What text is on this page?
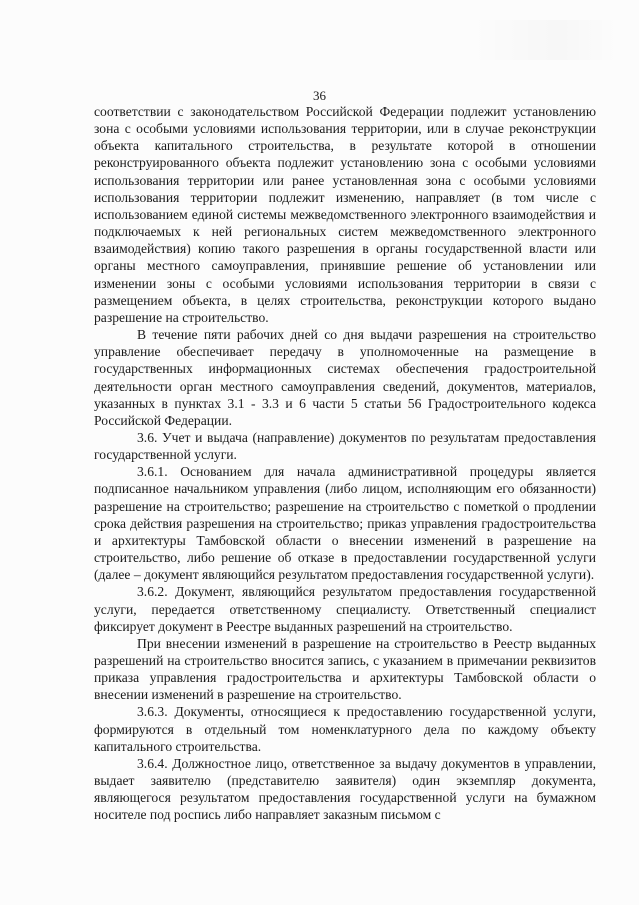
36

соответствии с законодательством Российской Федерации подлежит установлению зона с особыми условиями использования территории, или в случае реконструкции объекта капитального строительства, в результате которой в отношении реконструированного объекта подлежит установлению зона с особыми условиями использования территории или ранее установленная зона с особыми условиями использования территории подлежит изменению, направляет (в том числе с использованием единой системы межведомственного электронного взаимодействия и подключаемых к ней региональных систем межведомственного электронного взаимодействия) копию такого разрешения в органы государственной власти или органы местного самоуправления, принявшие решение об установлении или изменении зоны с особыми условиями использования территории в связи с размещением объекта, в целях строительства, реконструкции которого выдано разрешение на строительство.

В течение пяти рабочих дней со дня выдачи разрешения на строительство управление обеспечивает передачу в уполномоченные на размещение в государственных информационных системах обеспечения градостроительной деятельности орган местного самоуправления сведений, документов, материалов, указанных в пунктах 3.1 - 3.3 и 6 части 5 статьи 56 Градостроительного кодекса Российской Федерации.

3.6. Учет и выдача (направление) документов по результатам предоставления государственной услуги.

3.6.1. Основанием для начала административной процедуры является подписанное начальником управления (либо лицом, исполняющим его обязанности) разрешение на строительство; разрешение на строительство с пометкой о продлении срока действия разрешения на строительство; приказ управления градостроительства и архитектуры Тамбовской области о внесении изменений в разрешение на строительство, либо решение об отказе в предоставлении государственной услуги (далее – документ являющийся результатом предоставления государственной услуги).

3.6.2. Документ, являющийся результатом предоставления государственной услуги, передается ответственному специалисту. Ответственный специалист фиксирует документ в Реестре выданных разрешений на строительство.

При внесении изменений в разрешение на строительство в Реестр выданных разрешений на строительство вносится запись, с указанием в примечании реквизитов приказа управления градостроительства и архитектуры Тамбовской области о внесении изменений в разрешение на строительство.

3.6.3. Документы, относящиеся к предоставлению государственной услуги, формируются в отдельный том номенклатурного дела по каждому объекту капитального строительства.

3.6.4. Должностное лицо, ответственное за выдачу документов в управлении, выдает заявителю (представителю заявителя) один экземпляр документа, являющегося результатом предоставления государственной услуги на бумажном носителе под роспись либо направляет заказным письмом с
